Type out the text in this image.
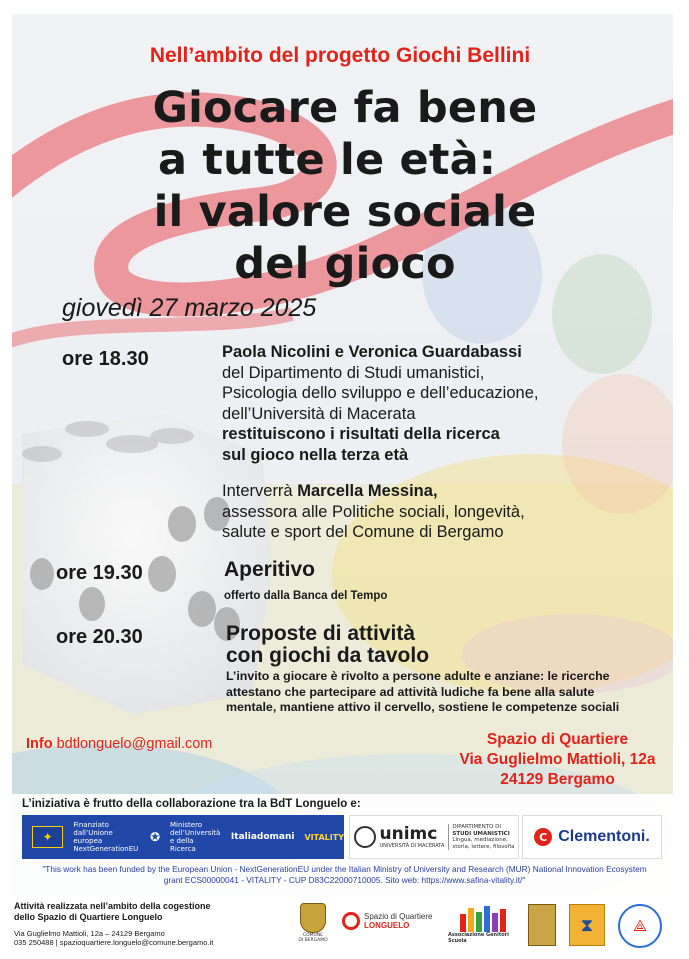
Nell’ambito del progetto Giochi Bellini
Giocare fa bene
a tutte le età:
il valore sociale
del gioco
giovedì 27 marzo 2025
ore 18.30	Paola Nicolini e Veronica Guardabassi
del Dipartimento di Studi umanistici,
Psicologia dello sviluppo e dell’educazione,
dell’Università di Macerata
restituiscono i risultati della ricerca
sul gioco nella terza età
Interverrà Marcella Messina,
assessora alle Politiche sociali, longevità,
salute e sport del Comune di Bergamo
ore 19.30	Aperitivo
offerto dalla Banca del Tempo
ore 20.30	Proposte di attività
con giochi da tavolo
L’invito a giocare è rivolto a persone adulte e anziane: le ricerche
attestano che partecipare ad attività ludiche fa bene alla salute
mentale, mantiene attivo il cervello, sostiene le competenze sociali
Info bdtlonguelo@gmail.com	Spazio di Quartiere
Via Guglielmo Mattioli, 12a
24129 Bergamo
L’iniziativa è frutto della collaborazione tra la BdT Longuelo e:
✦
Finanziato
dall’Unione europea
NextGenerationEU
✪
Ministero
dell’Università
e della Ricerca
Italiadomani VITALITY unimc
UNIVERSITÀ DI MACERATA
DIPARTIMENTO DI
STUDI UMANISTICI
Lingua, mediazione,
storia, lettere, filosofia
C Clementoni.
"This work has been funded by the European Union - NextGenerationEU under the Italian Ministry of University and Research (MUR) National Innovation Ecosystem
grant ECS00000041 - VITALITY - CUP D83C22000710005. Sito web: https://www.safina-vitality.it/"
Attività realizzata nell’ambito della cogestione
dello Spazio di Quartiere Longuelo
Via Guglielmo Mattioli, 12a – 24129 Bergamo
035 250488 | spazioquartiere.longuelo@comune.bergamo.it
COMUNE
DI BERGAMO
Spazio di Quartiere
LONGUELO
Associazione Genitori Scuola
⧗	⟁
